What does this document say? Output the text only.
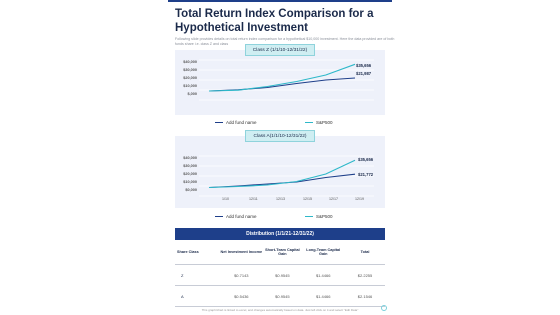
Total Return Index Comparison for a Hypothetical Investment
Following slide provides details on total return index comparison for a hypothetical $10,000 investment. Here the data provided are of both funds share i.e. class Z and class
Class Z (1/1/10-12/31/22)
$40,000
$30,000
$20,000
$10,000
$,000
$35,656
$21,987
Add fund name	S&P500
Class A(1/1/10-12/31/22)
$40,000
$30,000
$20,000
$10,000
$0,000
1/10	12/11	12/13	12/15	12/17	12/19
$35,656
$21,772
Add fund name	S&P500
Distribution (1/1/21-12/31/22)
Share Class	Net Investment Income	Short-Team Capital Gain	Long-Team Capital Gain	Total
Z	$0.7143	$0.9545	$1.4466	$2.2255
A	$0.5436	$0.9545	$1.4466	$2.1546
This graph/chart is linked to excel, and changes automatically based on data. Just left click on it and select "Edit Data"
